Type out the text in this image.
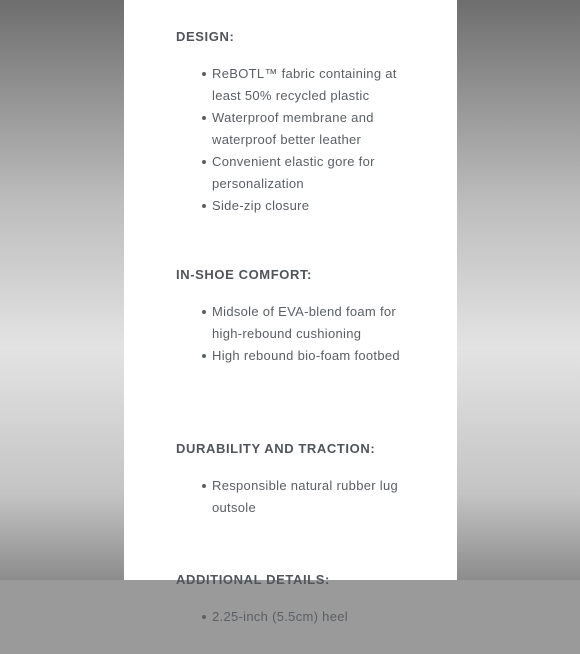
DESIGN:
ReBOTL™ fabric containing at least 50% recycled plastic
Waterproof membrane and waterproof better leather
Convenient elastic gore for personalization
Side-zip closure
IN-SHOE COMFORT:
Midsole of EVA-blend foam for high-rebound cushioning
High rebound bio-foam footbed
DURABILITY AND TRACTION:
Responsible natural rubber lug outsole
ADDITIONAL DETAILS:
2.25-inch (5.5cm) heel
